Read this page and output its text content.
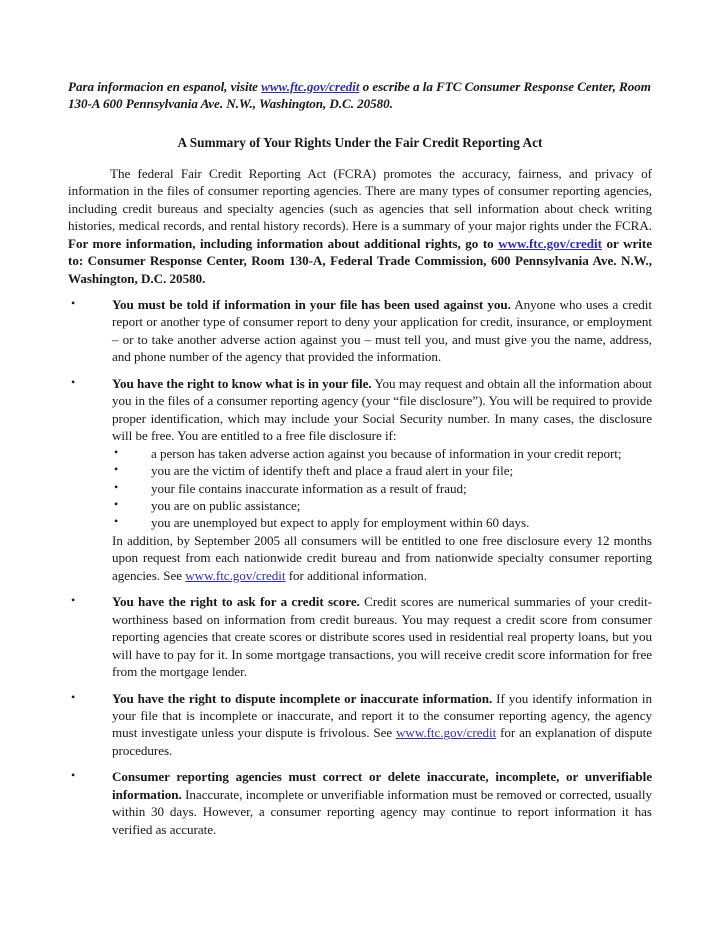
Para informacion en espanol, visite www.ftc.gov/credit o escribe a la FTC Consumer Response Center, Room 130-A 600 Pennsylvania Ave. N.W., Washington, D.C. 20580.

A Summary of Your Rights Under the Fair Credit Reporting Act

The federal Fair Credit Reporting Act (FCRA) promotes the accuracy, fairness, and privacy of information in the files of consumer reporting agencies. There are many types of consumer reporting agencies, including credit bureaus and specialty agencies (such as agencies that sell information about check writing histories, medical records, and rental history records). Here is a summary of your major rights under the FCRA. For more information, including information about additional rights, go to www.ftc.gov/credit or write to: Consumer Response Center, Room 130-A, Federal Trade Commission, 600 Pennsylvania Ave. N.W., Washington, D.C. 20580.

•	You must be told if information in your file has been used against you. Anyone who uses a credit report or another type of consumer report to deny your application for credit, insurance, or employment – or to take another adverse action against you – must tell you, and must give you the name, address, and phone number of the agency that provided the information.
•	You have the right to know what is in your file. You may request and obtain all the information about you in the files of a consumer reporting agency (your “file disclosure”). You will be required to provide proper identification, which may include your Social Security number. In many cases, the disclosure will be free. You are entitled to a free file disclosure if:
•	a person has taken adverse action against you because of information in your credit report;
•	you are the victim of identify theft and place a fraud alert in your file;
•	your file contains inaccurate information as a result of fraud;
•	you are on public assistance;
•	you are unemployed but expect to apply for employment within 60 days.

In addition, by September 2005 all consumers will be entitled to one free disclosure every 12 months upon request from each nationwide credit bureau and from nationwide specialty consumer reporting agencies. See www.ftc.gov/credit for additional information.

•	You have the right to ask for a credit score. Credit scores are numerical summaries of your credit-worthiness based on information from credit bureaus. You may request a credit score from consumer reporting agencies that create scores or distribute scores used in residential real property loans, but you will have to pay for it. In some mortgage transactions, you will receive credit score information for free from the mortgage lender.
•	You have the right to dispute incomplete or inaccurate information. If you identify information in your file that is incomplete or inaccurate, and report it to the consumer reporting agency, the agency must investigate unless your dispute is frivolous. See www.ftc.gov/credit for an explanation of dispute procedures.
•	Consumer reporting agencies must correct or delete inaccurate, incomplete, or unverifiable information. Inaccurate, incomplete or unverifiable information must be removed or corrected, usually within 30 days. However, a consumer reporting agency may continue to report information it has verified as accurate.
